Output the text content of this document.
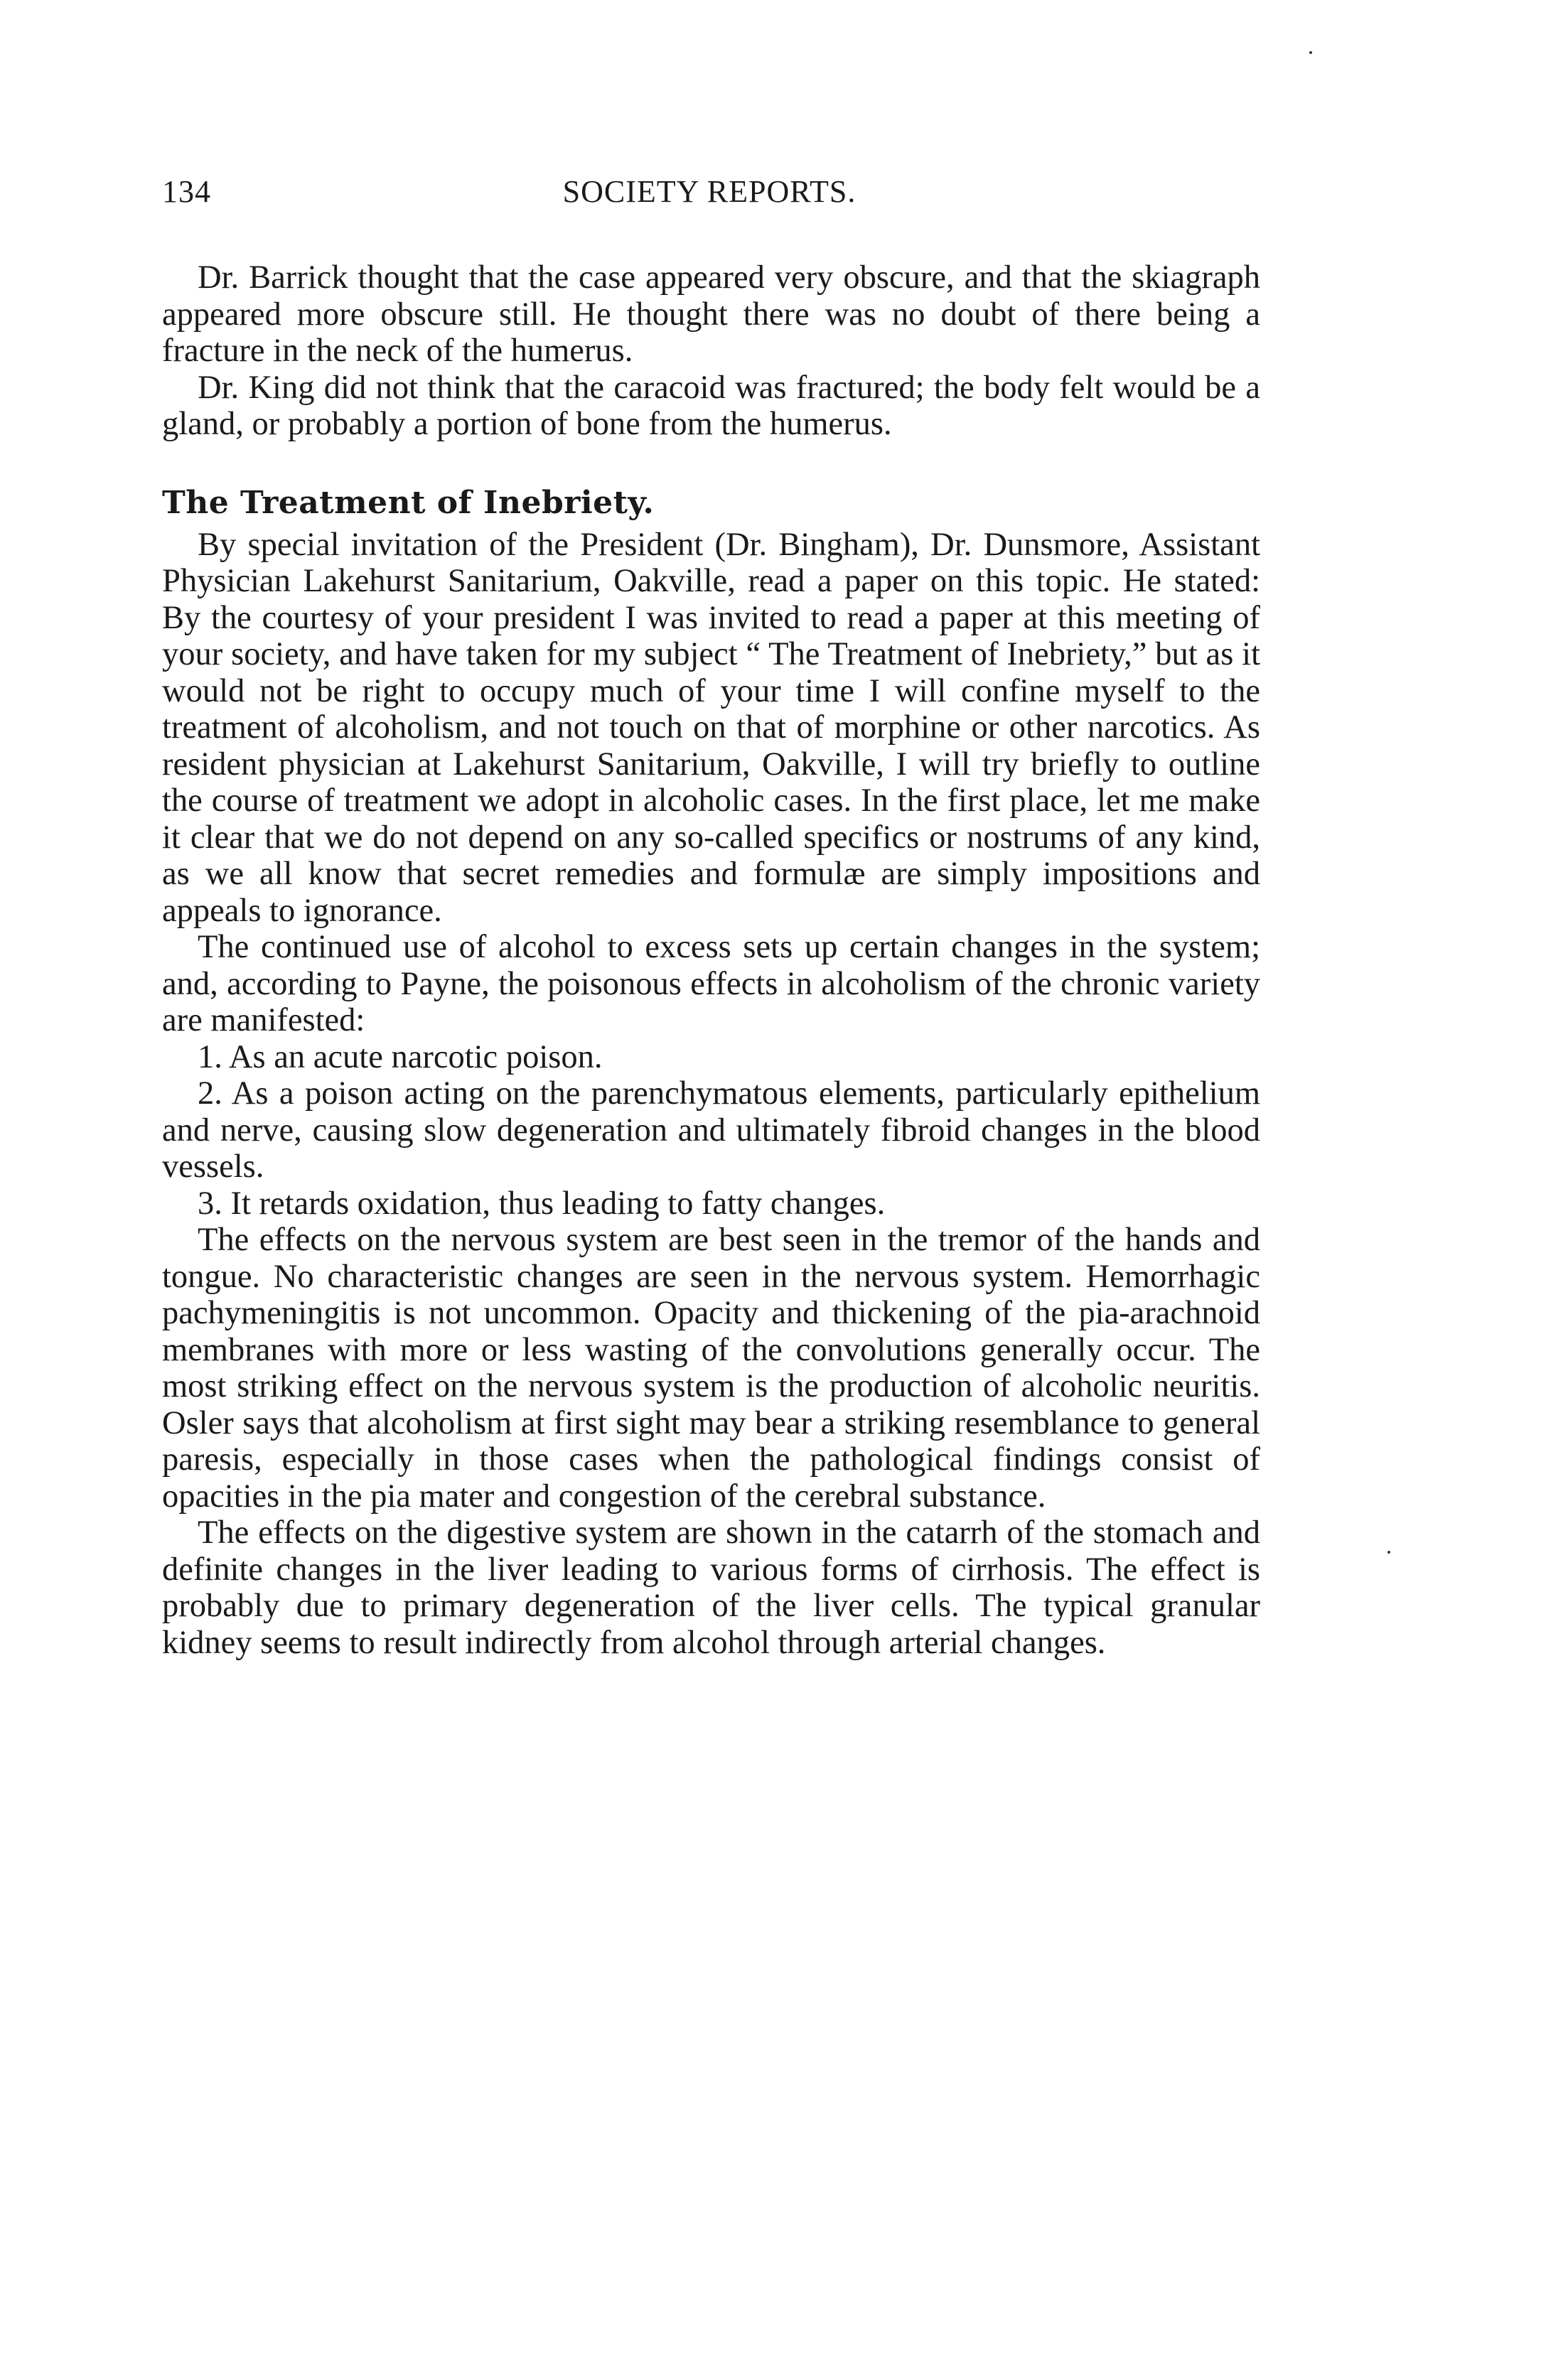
134	SOCIETY REPORTS.

Dr. Barrick thought that the case appeared very obscure, and that the skiagraph appeared more obscure still. He thought there was no doubt of there being a fracture in the neck of the humerus.

Dr. King did not think that the caracoid was fractured; the body felt would be a gland, or probably a portion of bone from the humerus.

The Treatment of Inebriety.

By special invitation of the President (Dr. Bingham), Dr. Dunsmore, Assistant Physician Lakehurst Sanitarium, Oakville, read a paper on this topic. He stated: By the courtesy of your president I was invited to read a paper at this meeting of your society, and have taken for my subject “ The Treatment of Inebriety,” but as it would not be right to occupy much of your time I will confine myself to the treatment of alcoholism, and not touch on that of morphine or other narcotics. As resident physician at Lakehurst Sanitarium, Oakville, I will try briefly to outline the course of treatment we adopt in alcoholic cases. In the first place, let me make it clear that we do not depend on any so-called specifics or nostrums of any kind, as we all know that secret remedies and formulæ are simply impositions and appeals to ignorance.

The continued use of alcohol to excess sets up certain changes in the system; and, according to Payne, the poisonous effects in alcoholism of the chronic variety are manifested:

1. As an acute narcotic poison.

2. As a poison acting on the parenchymatous elements, particularly epithelium and nerve, causing slow degeneration and ultimately fibroid changes in the blood vessels.

3. It retards oxidation, thus leading to fatty changes.

The effects on the nervous system are best seen in the tremor of the hands and tongue. No characteristic changes are seen in the nervous system. Hemorrhagic pachymeningitis is not uncommon. Opacity and thickening of the pia-arachnoid membranes with more or less wasting of the convolutions generally occur. The most striking effect on the nervous system is the production of alcoholic neuritis. Osler says that alcoholism at first sight may bear a striking resemblance to general paresis, especially in those cases when the pathological findings consist of opacities in the pia mater and congestion of the cerebral substance.

The effects on the digestive system are shown in the catarrh of the stomach and definite changes in the liver leading to various forms of cirrhosis. The effect is probably due to primary degeneration of the liver cells. The typical granular kidney seems to result indirectly from alcohol through arterial changes.
